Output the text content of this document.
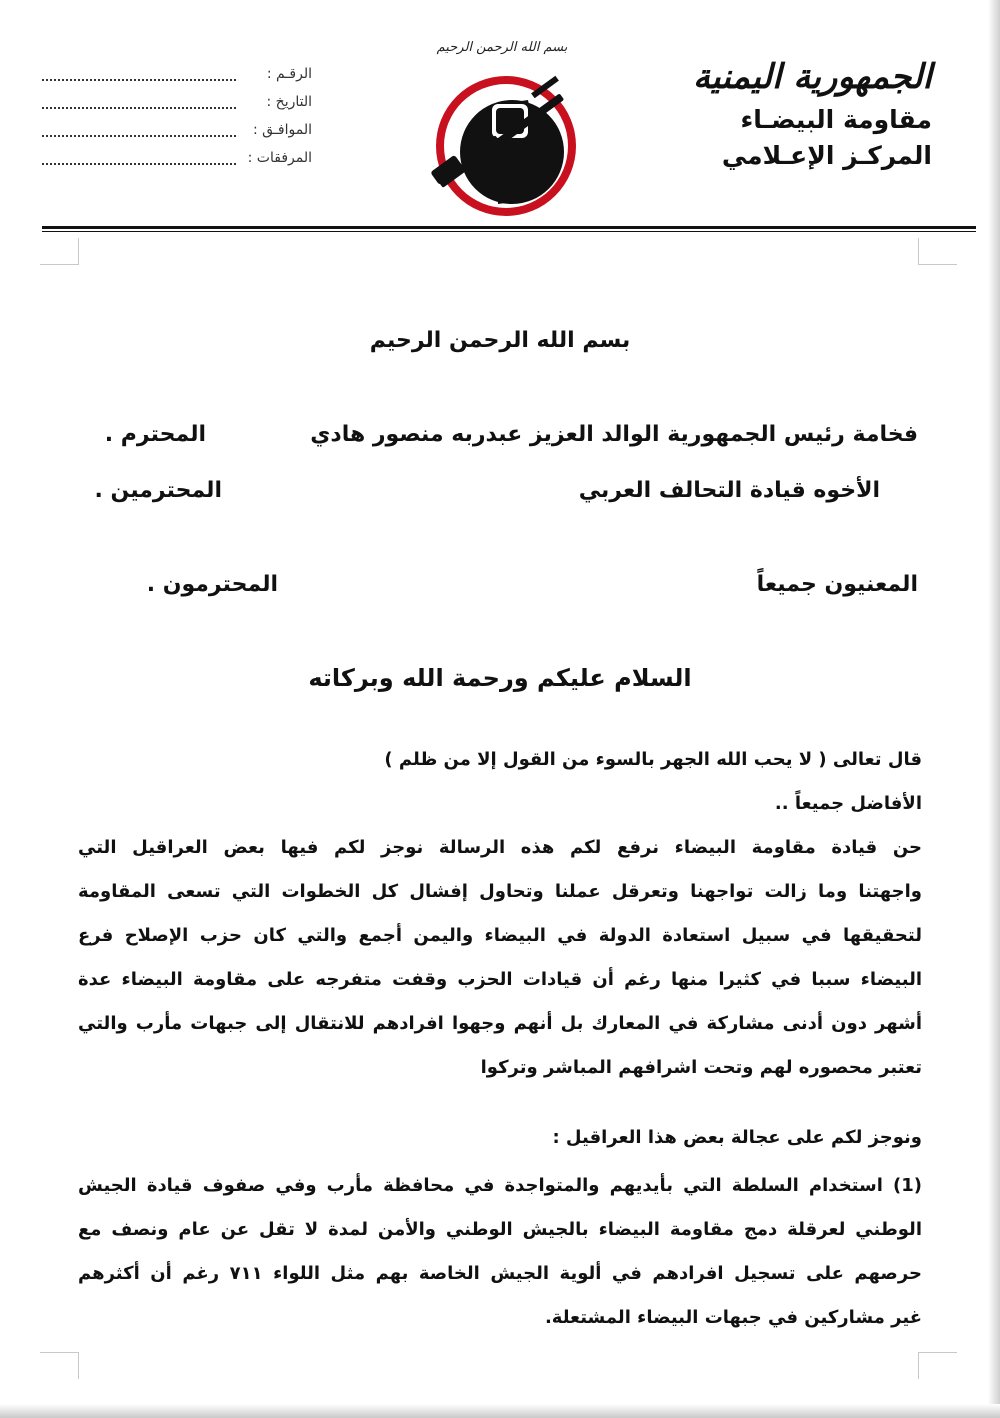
الجمهورية اليمنية
مقاومة البيضـاء
المركـز الإعـلامي
الرقـم :
التاريخ :
الموافـق :
المرفقات :
بسم الله الرحمن الرحيم
بسم الله الرحمن الرحيم
فخامة رئيس الجمهورية الوالد العزيز عبدربه منصور هادي
المحترم .
الأخوه قيادة التحالف العربي
المحترمين .
المعنيون جميعاً
المحترمون .
السلام عليكم ورحمة الله وبركاته
قال تعالى ( لا يحب الله الجهر بالسوء من القول إلا من ظلم )
الأفاضل جميعاً ..
حن قيادة مقاومة البيضاء نرفع لكم هذه الرسالة نوجز لكم فيها بعض العراقيل التي
واجهتنا وما زالت تواجهنا وتعرقل عملنا وتحاول إفشال كل الخطوات التي تسعى المقاومة
لتحقيقها في سبيل استعادة الدولة في البيضاء واليمن أجمع والتي كان حزب الإصلاح فرع
البيضاء سببا في كثيرا منها رغم أن قيادات الحزب وقفت متفرجه على مقاومة البيضاء عدة
أشهر دون أدنى مشاركة في المعارك بل أنهم وجهوا افرادهم للانتقال إلى جبهات مأرب والتي
تعتبر محصوره لهم وتحت اشرافهم المباشر وتركوا
ونوجز لكم على عجالة بعض هذا العراقيل :
(1) استخدام السلطة التي بأيديهم والمتواجدة في محافظة مأرب وفي صفوف قيادة الجيش
الوطني لعرقلة دمج مقاومة البيضاء بالجيش الوطني والأمن لمدة لا تقل عن عام ونصف مع
حرصهم على تسجيل افرادهم في ألوية الجيش الخاصة بهم مثل اللواء ٧١١ رغم أن أكثرهم
غير مشاركين في جبهات البيضاء المشتعلة.
